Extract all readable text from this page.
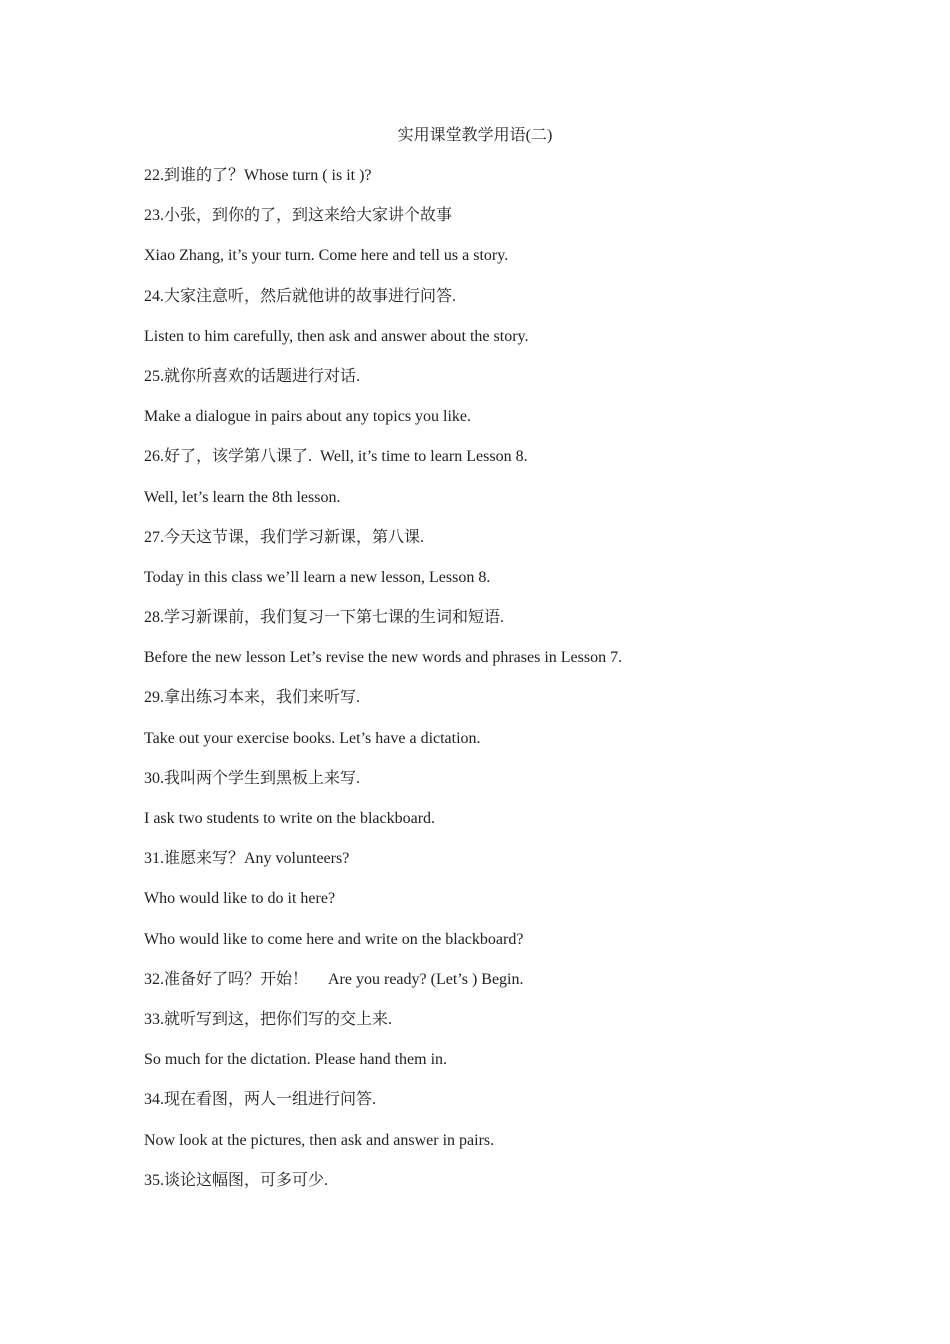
实用课堂教学用语(二)
22.到谁的了？Whose turn ( is it )?
23.小张，到你的了，到这来给大家讲个故事
Xiao Zhang, it’s your turn. Come here and tell us a story.
24.大家注意听，然后就他讲的故事进行问答.
Listen to him carefully, then ask and answer about the story.
25.就你所喜欢的话题进行对话.
Make a dialogue in pairs about any topics you like.
26.好了，该学第八课了.  Well, it’s time to learn Lesson 8.
Well, let’s learn the 8th lesson.
27.今天这节课，我们学习新课，第八课.
Today in this class we’ll learn a new lesson, Lesson 8.
28.学习新课前，我们复习一下第七课的生词和短语.
Before the new lesson Let’s revise the new words and phrases in Lesson 7.
29.拿出练习本来，我们来听写.
Take out your exercise books. Let’s have a dictation.
30.我叫两个学生到黑板上来写.
I ask two students to write on the blackboard.
31.谁愿来写？Any volunteers?
Who would like to do it here?
Who would like to come here and write on the blackboard?
32.准备好了吗？开始！     Are you ready? (Let’s ) Begin.
33.就听写到这，把你们写的交上来.
So much for the dictation. Please hand them in.
34.现在看图，两人一组进行问答.
Now look at the pictures, then ask and answer in pairs.
35.谈论这幅图，可多可少.
